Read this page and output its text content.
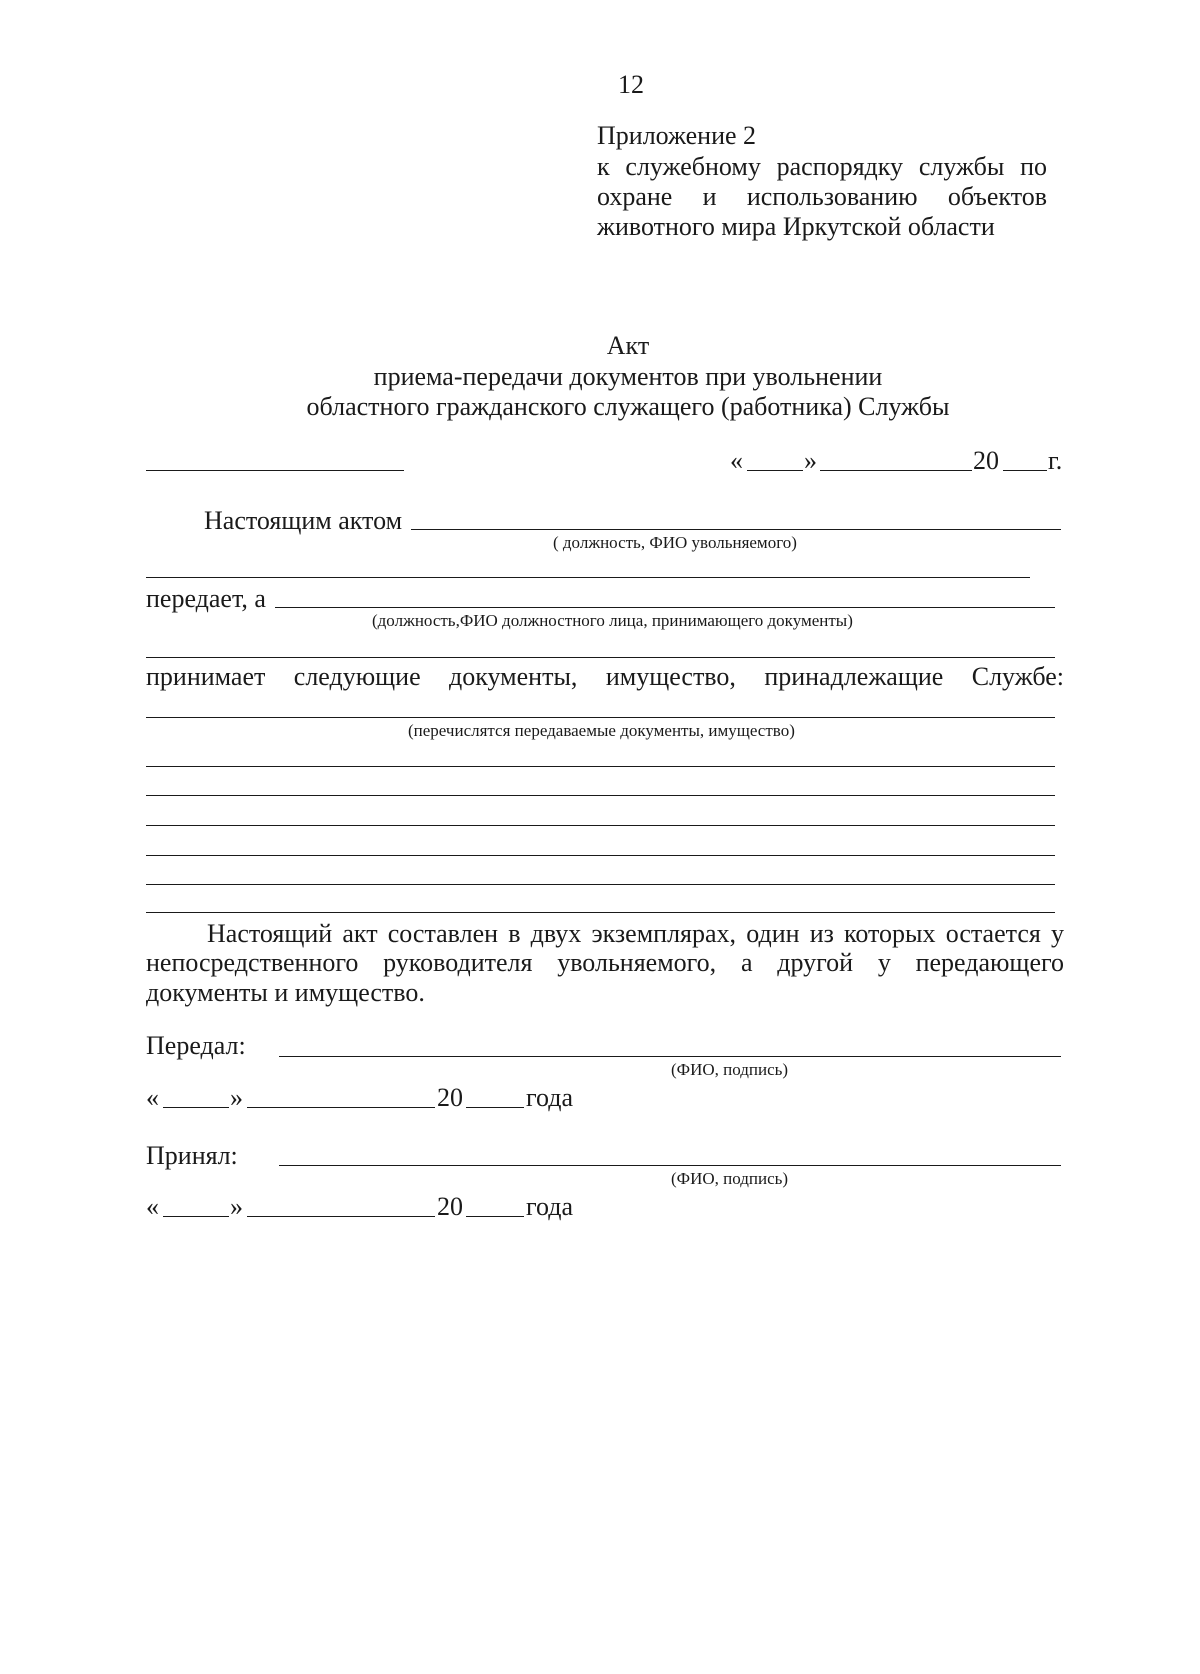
12
Приложение 2
к служебному распорядку службы по
охране и использованию объектов
животного мира Иркутской области
Акт
приема-передачи документов при увольнении
областного гражданского служащего (работника) Службы
« »	20 г.
Настоящим актом
( должность, ФИО увольняемого)
передает, а
(должность,ФИО должностного лица, принимающего документы)
принимает следующие документы, имущество, принадлежащие Службе:
(перечислятся передаваемые документы, имущество)
Настоящий акт составлен в двух экземплярах, один из которых остается у
непосредственного руководителя увольняемого, а другой у передающего
документы и имущество.
Передал:
(ФИО, подпись)
«	»	20 года
Принял:
(ФИО, подпись)
«	»	20 года
